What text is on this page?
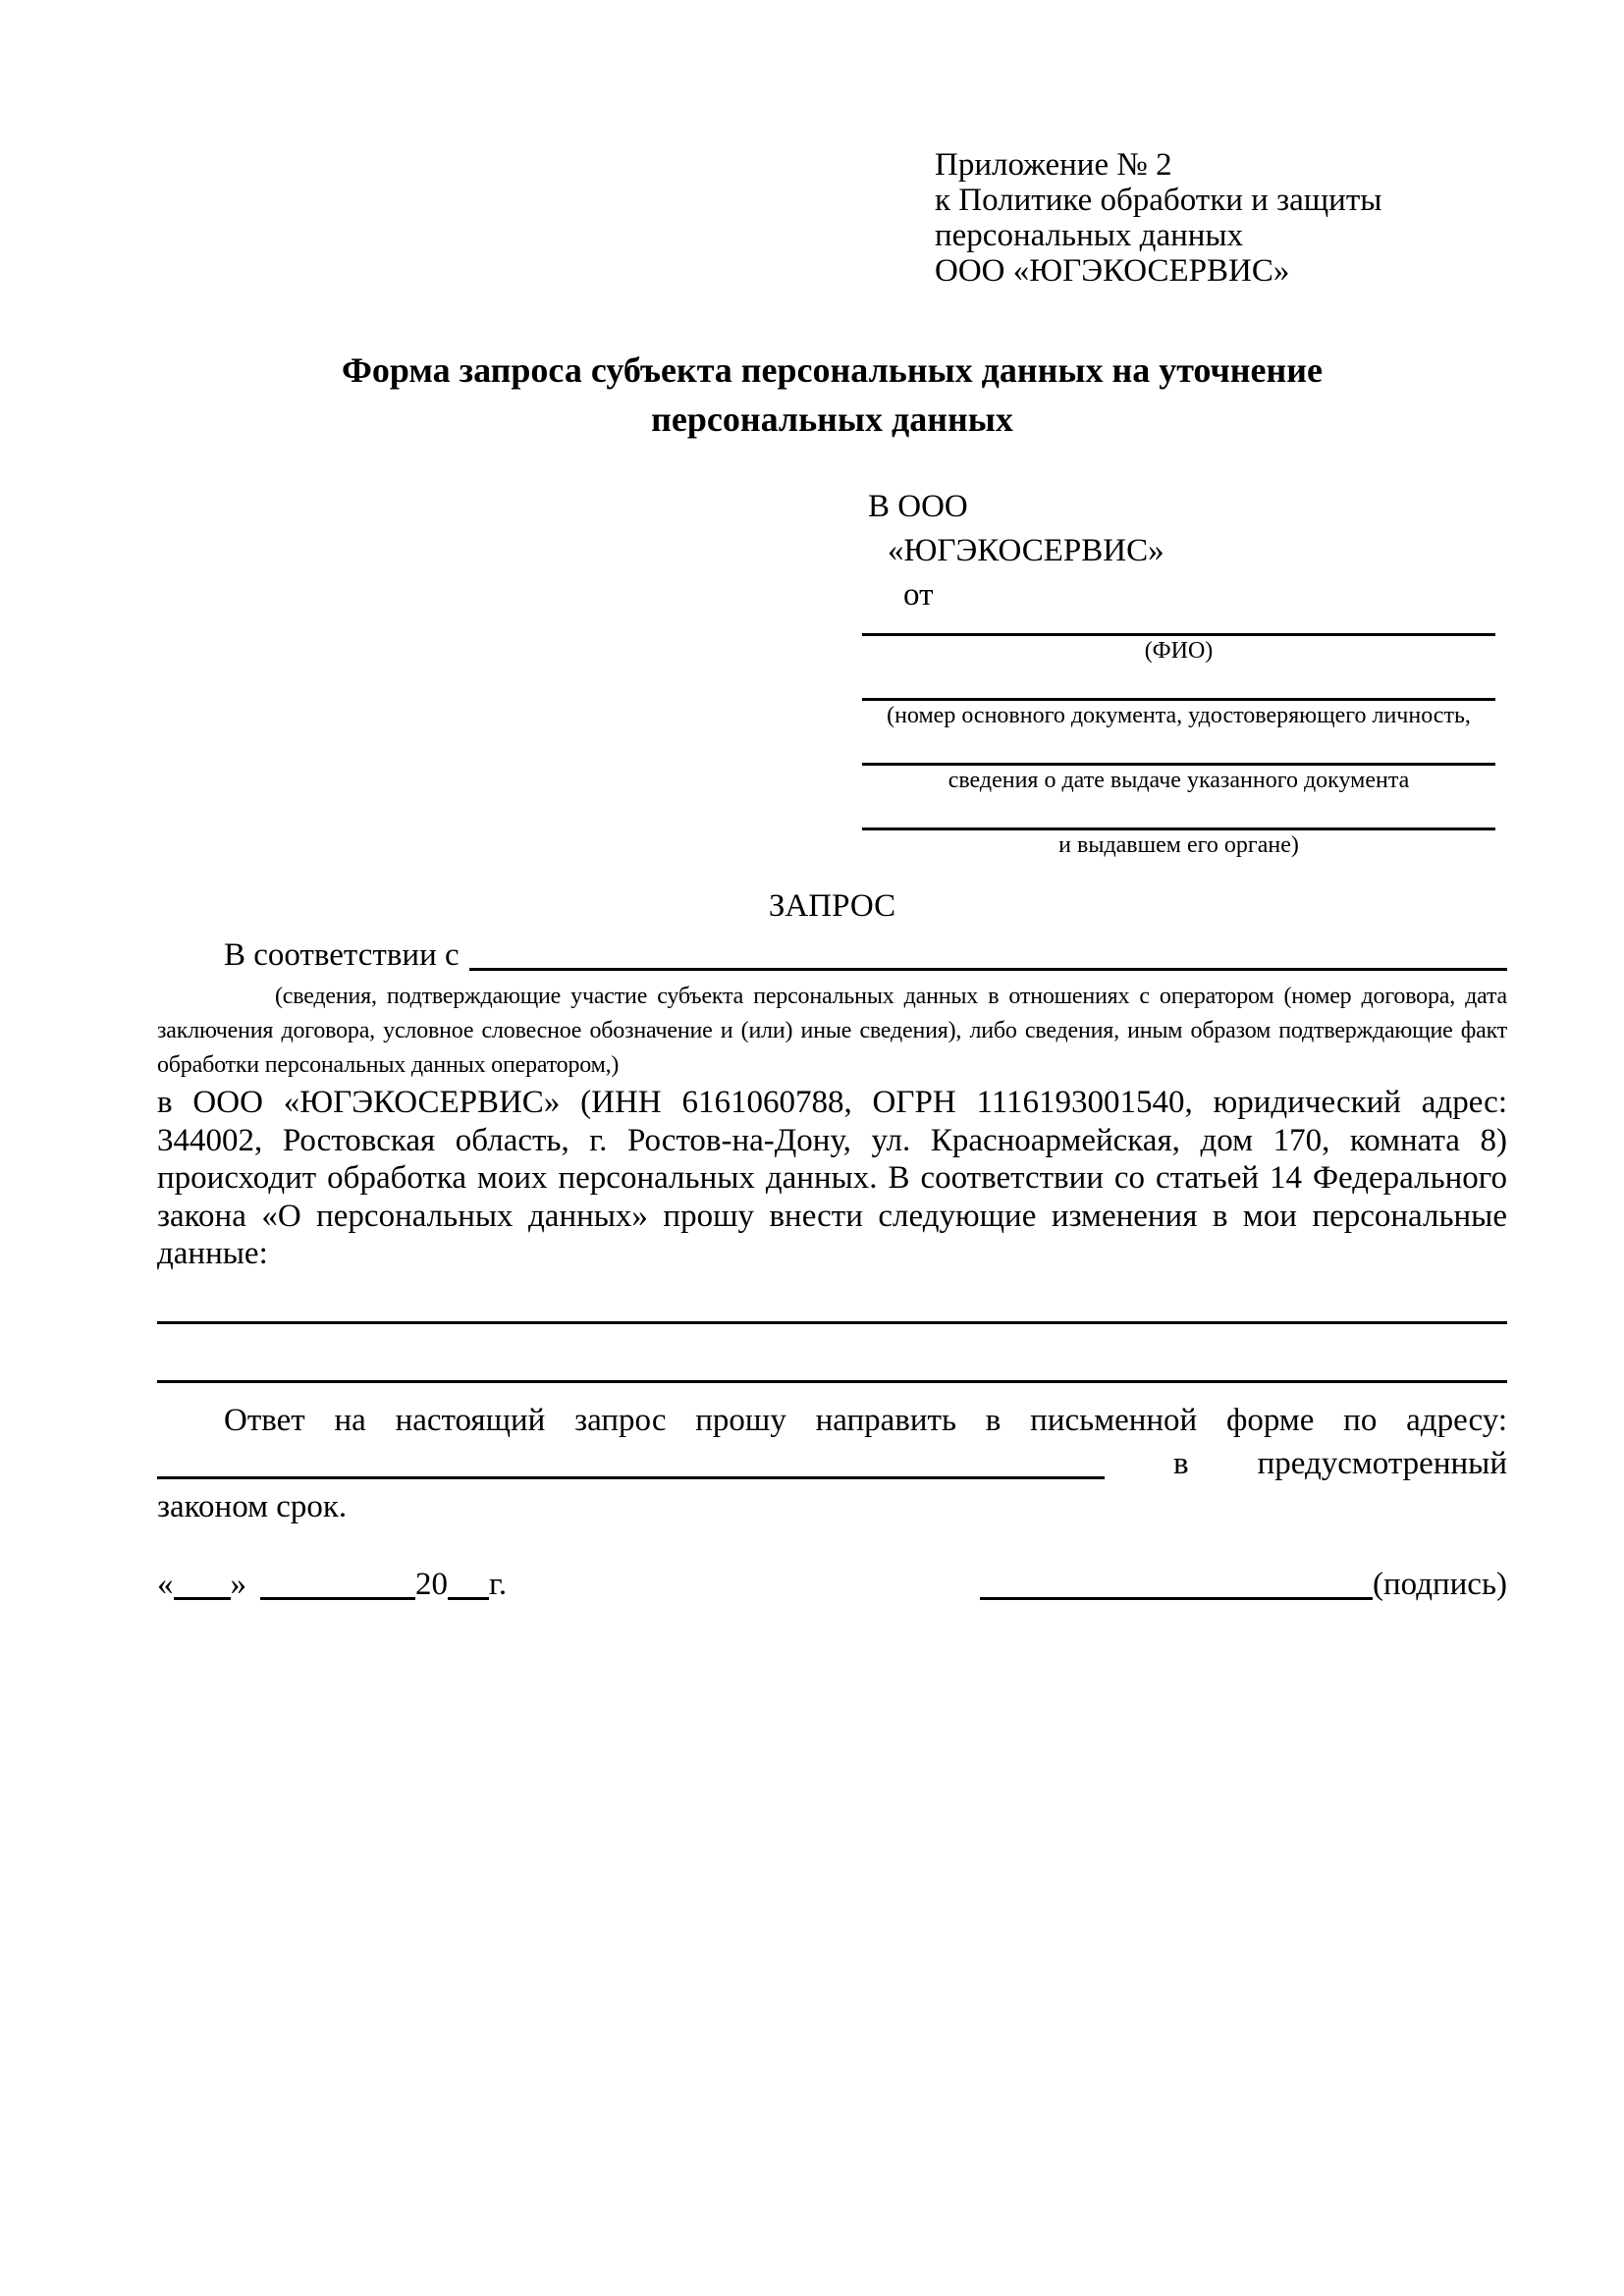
Приложение № 2
к Политике обработки и защиты персональных данных
ООО «ЮГЭКОСЕРВИС»
Форма запроса субъекта персональных данных на уточнение персональных данных
В ООО
«ЮГЭКОСЕРВИС»
от
(ФИО)
(номер основного документа, удостоверяющего личность,
сведения о дате выдаче указанного документа
и выдавшем его органе)
ЗАПРОС
В соответствии с
(сведения, подтверждающие участие субъекта персональных данных в отношениях с оператором (номер договора, дата заключения договора, условное словесное обозначение и (или) иные сведения), либо сведения, иным образом подтверждающие факт обработки персональных данных оператором,)
в ООО «ЮГЭКОСЕРВИС» (ИНН 6161060788, ОГРН 1116193001540, юридический адрес: 344002, Ростовская область, г. Ростов-на-Дону, ул. Красноармейская, дом 170, комната 8) происходит обработка моих персональных данных. В соответствии со статьей 14 Федерального закона «О персональных данных» прошу внести следующие изменения в мои персональные данные:
Ответ на настоящий запрос прошу направить в письменной форме по адресу:
в предусмотренный
законом срок.
« »	20 г.	(подпись)
